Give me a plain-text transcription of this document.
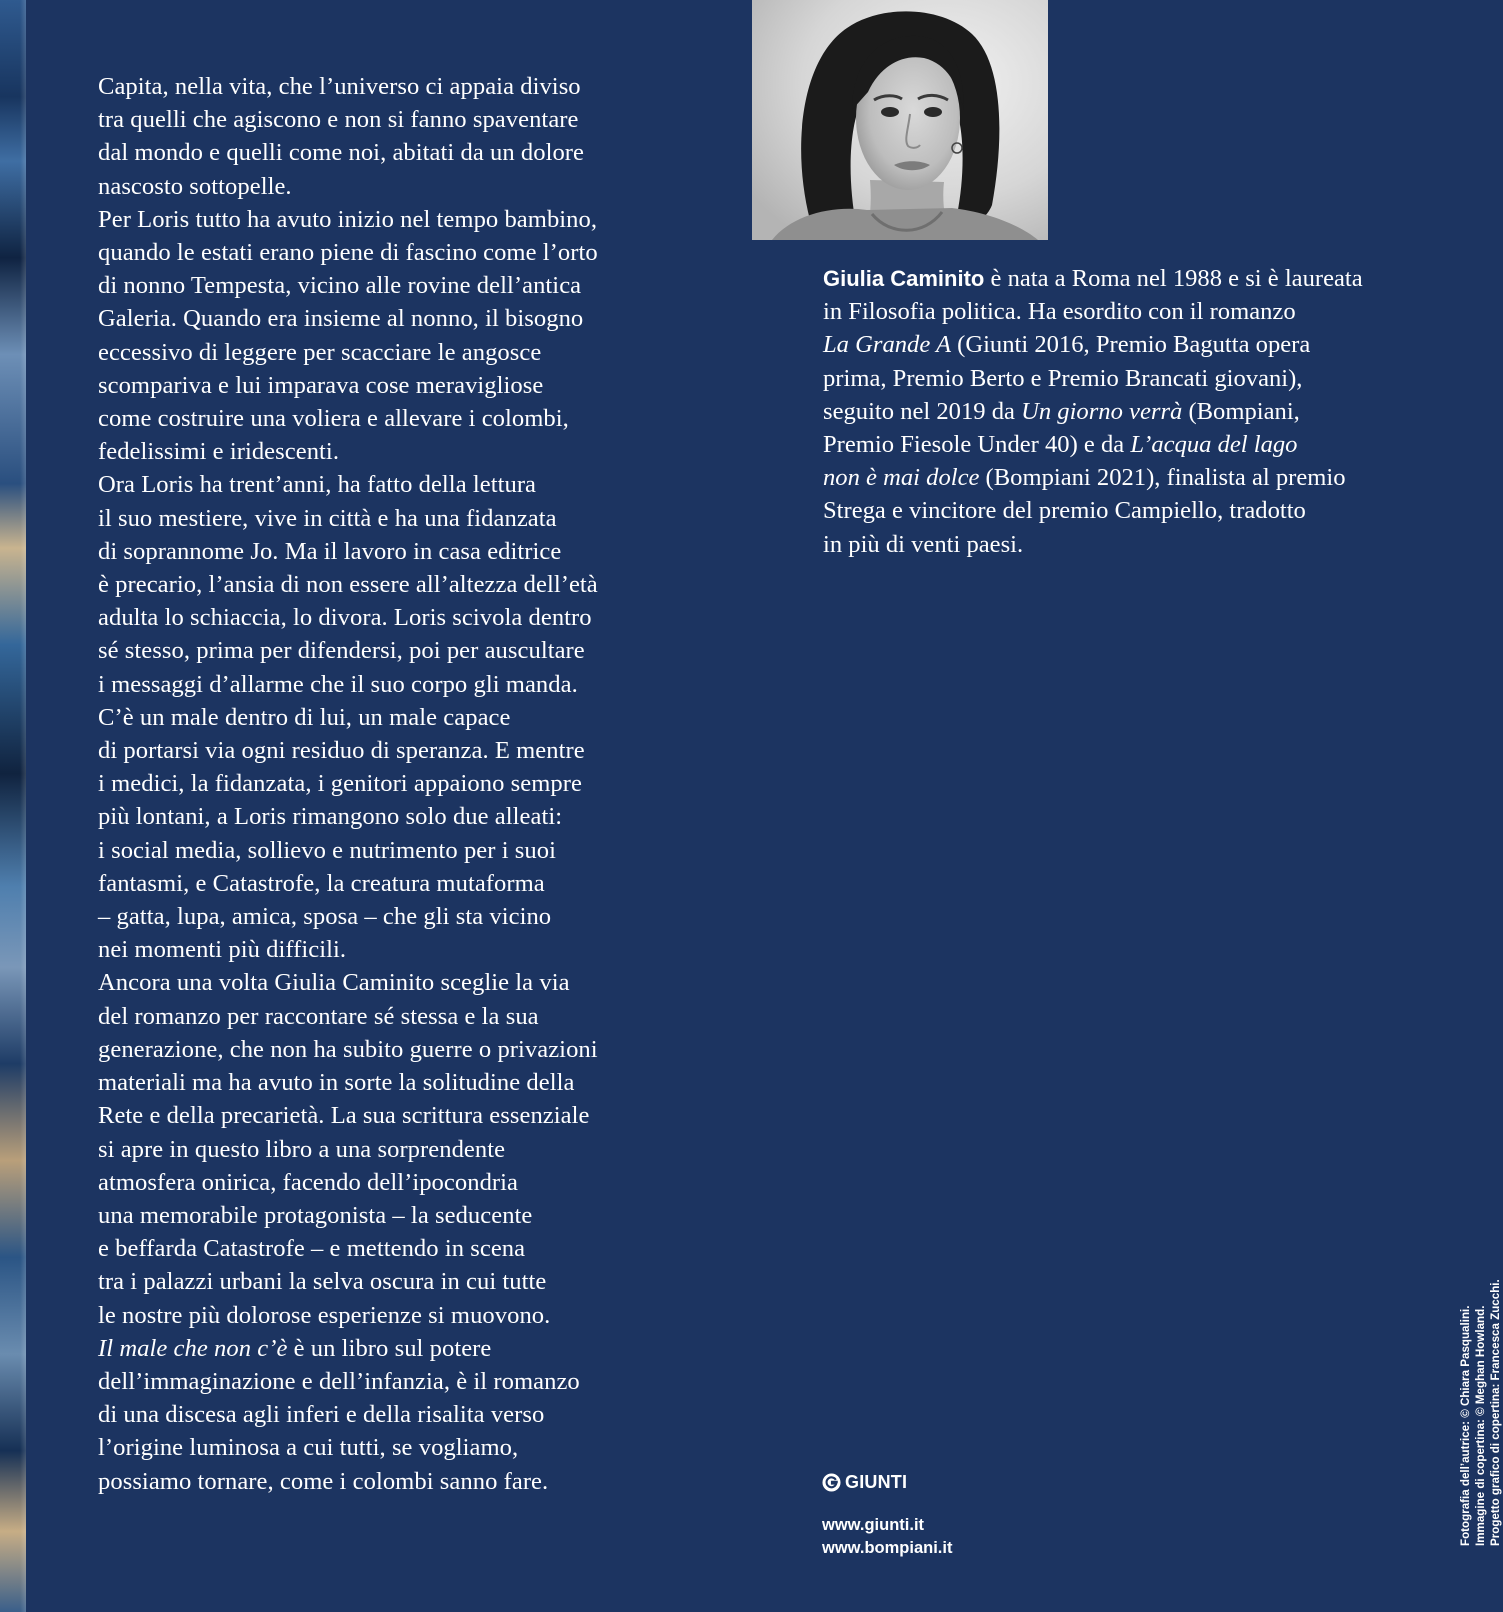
Capita, nella vita, che l’universo ci appaia diviso
tra quelli che agiscono e non si fanno spaventare
dal mondo e quelli come noi, abitati da un dolore
nascosto sottopelle.
Per Loris tutto ha avuto inizio nel tempo bambino,
quando le estati erano piene di fascino come l’orto
di nonno Tempesta, vicino alle rovine dell’antica
Galeria. Quando era insieme al nonno, il bisogno
eccessivo di leggere per scacciare le angosce
scompariva e lui imparava cose meravigliose
come costruire una voliera e allevare i colombi,
fedelissimi e iridescenti.
Ora Loris ha trent’anni, ha fatto della lettura
il suo mestiere, vive in città e ha una fidanzata
di soprannome Jo. Ma il lavoro in casa editrice
è precario, l’ansia di non essere all’altezza dell’età
adulta lo schiaccia, lo divora. Loris scivola dentro
sé stesso, prima per difendersi, poi per auscultare
i messaggi d’allarme che il suo corpo gli manda.
C’è un male dentro di lui, un male capace
di portarsi via ogni residuo di speranza. E mentre
i medici, la fidanzata, i genitori appaiono sempre
più lontani, a Loris rimangono solo due alleati:
i social media, sollievo e nutrimento per i suoi
fantasmi, e Catastrofe, la creatura mutaforma
– gatta, lupa, amica, sposa – che gli sta vicino
nei momenti più difficili.
Ancora una volta Giulia Caminito sceglie la via
del romanzo per raccontare sé stessa e la sua
generazione, che non ha subito guerre o privazioni
materiali ma ha avuto in sorte la solitudine della
Rete e della precarietà. La sua scrittura essenziale
si apre in questo libro a una sorprendente
atmosfera onirica, facendo dell’ipocondria
una memorabile protagonista – la seducente
e beffarda Catastrofe – e mettendo in scena
tra i palazzi urbani la selva oscura in cui tutte
le nostre più dolorose esperienze si muovono.
Il male che non c’è è un libro sul potere
dell’immaginazione e dell’infanzia, è il romanzo
di una discesa agli inferi e della risalita verso
l’origine luminosa a cui tutti, se vogliamo,
possiamo tornare, come i colombi sanno fare.
Giulia Caminito è nata a Roma nel 1988 e si è laureata
in Filosofia politica. Ha esordito con il romanzo
La Grande A (Giunti 2016, Premio Bagutta opera
prima, Premio Berto e Premio Brancati giovani),
seguito nel 2019 da Un giorno verrà (Bompiani,
Premio Fiesole Under 40) e da L’acqua del lago
non è mai dolce (Bompiani 2021), finalista al premio
Strega e vincitore del premio Campiello, tradotto
in più di venti paesi.
GIUNTI
www.giunti.it
www.bompiani.it
Fotografia dell’autrice: © Chiara Pasqualini. Immagine di copertina: © Meghan Howland. Progetto grafico di copertina: Francesca Zucchi.
